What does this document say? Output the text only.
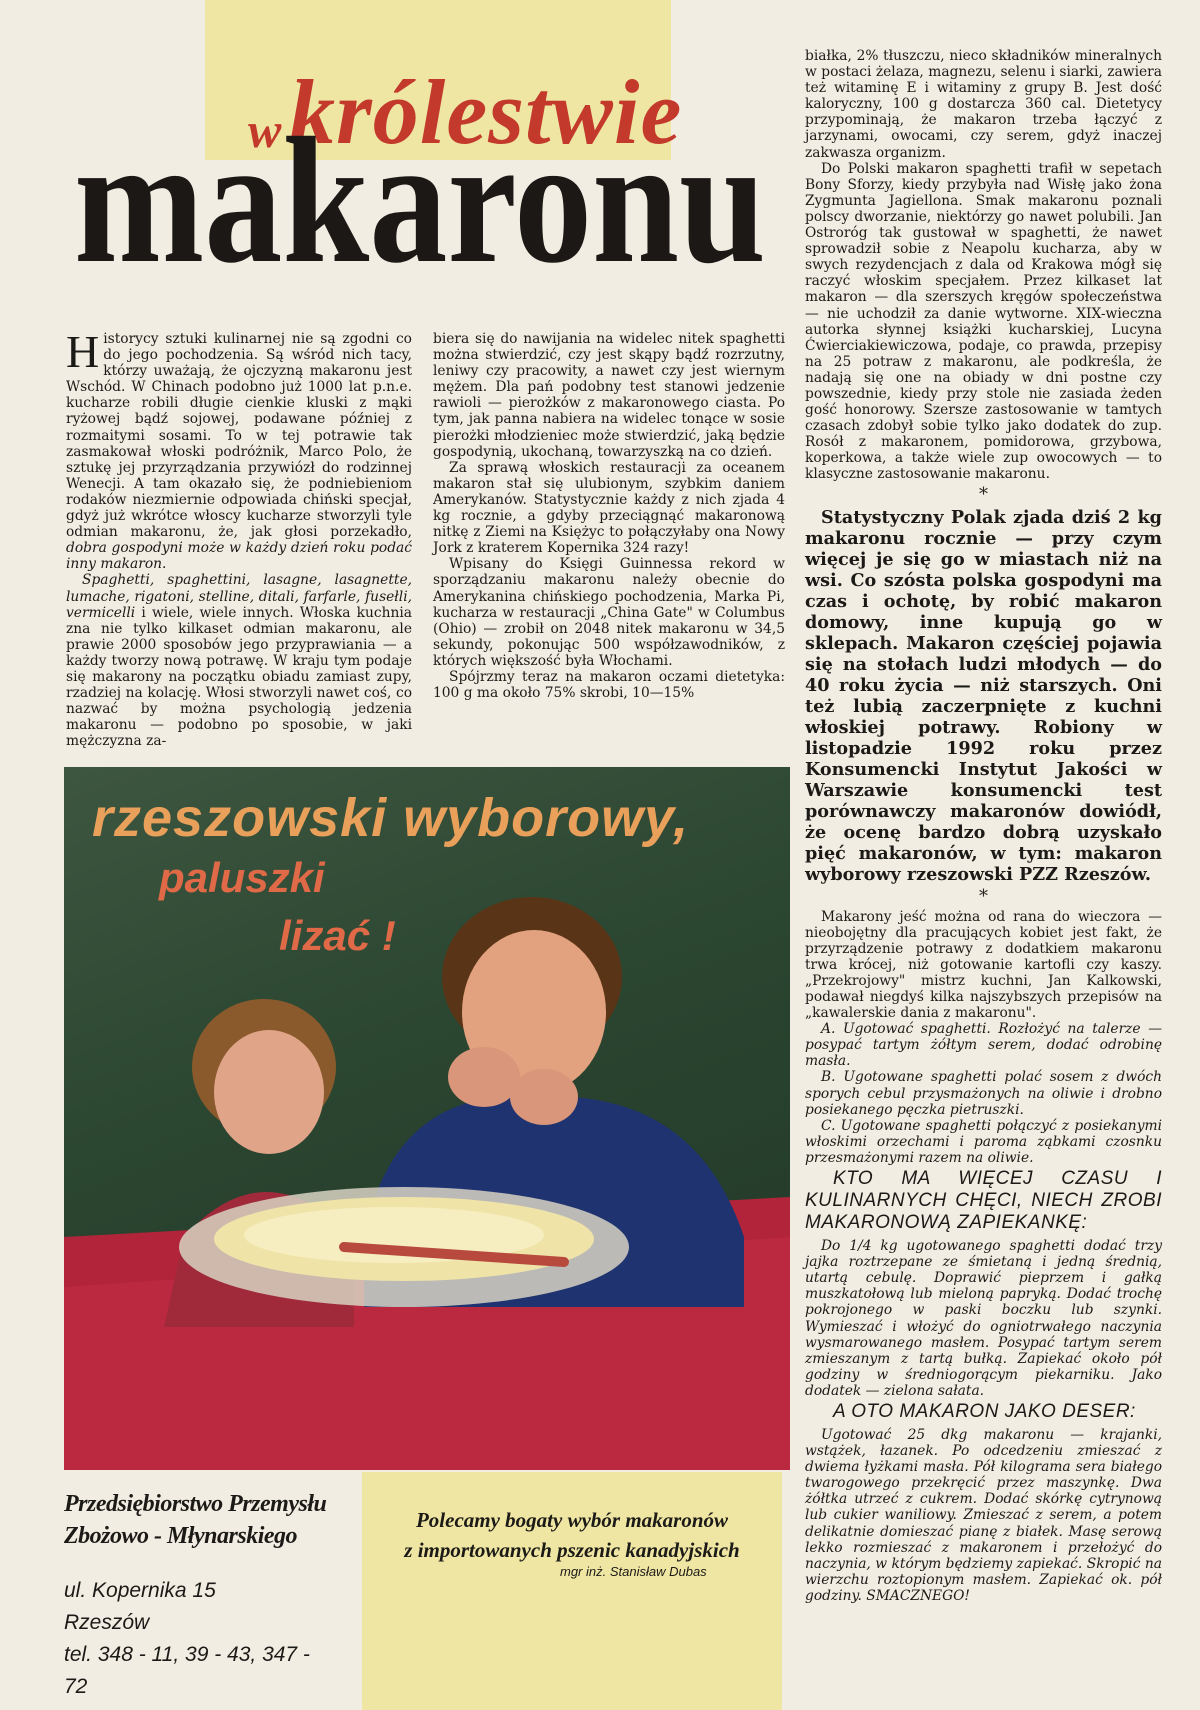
w królestwie
makaronu

Historycy sztuki kulinarnej nie są zgodni co do jego pochodzenia. Są wśród nich tacy, którzy uważają, że ojczyzną makaronu jest Wschód. W Chinach podobno już 1000 lat p.n.e. kucharze robili długie cienkie kluski z mąki ryżowej bądź sojowej, podawane później z rozmaitymi sosami. To w tej potrawie tak zasmakował włoski podróżnik, Marco Polo, że sztukę jej przyrządzania przywiózł do rodzinnej Wenecji. A tam okazało się, że podniebieniom rodaków niezmiernie odpowiada chiński specjał, gdyż już wkrótce włoscy kucharze stworzyli tyle odmian makaronu, że, jak głosi porzekadło, dobra gospodyni może w każdy dzień roku podać inny makaron.

Spaghetti, spaghettini, lasagne, lasagnette, lumache, rigatoni, stelline, ditali, farfarle, fusełli, vermicelli i wiele, wiele innych. Włoska kuchnia zna nie tylko kilkaset odmian makaronu, ale prawie 2000 sposobów jego przyprawiania — a każdy tworzy nową potrawę. W kraju tym podaje się makarony na początku obiadu zamiast zupy, rzadziej na kolację. Włosi stworzyli nawet coś, co nazwać by można psychologią jedzenia makaronu — podobno po sposobie, w jaki mężczyzna za-

biera się do nawijania na widelec nitek spaghetti można stwierdzić, czy jest skąpy bądź rozrzutny, leniwy czy pracowity, a nawet czy jest wiernym mężem. Dla pań podobny test stanowi jedzenie rawioli — pierożków z makaronowego ciasta. Po tym, jak panna nabiera na widelec tonące w sosie pierożki młodzieniec może stwierdzić, jaką będzie gospodynią, ukochaną, towarzyszką na co dzień.

Za sprawą włoskich restauracji za oceanem makaron stał się ulubionym, szybkim daniem Amerykanów. Statystycznie każdy z nich zjada 4 kg rocznie, a gdyby przeciągnąć makaronową nitkę z Ziemi na Księżyc to połączyłaby ona Nowy Jork z kraterem Kopernika 324 razy!

Wpisany do Księgi Guinnessa rekord w sporządzaniu makaronu należy obecnie do Amerykanina chińskiego pochodzenia, Marka Pi, kucharza w restauracji „China Gate" w Columbus (Ohio) — zrobił on 2048 nitek makaronu w 34,5 sekundy, pokonując 500 współzawodników, z których większość była Włochami.

Spójrzmy teraz na makaron oczami dietetyka: 100 g ma około 75% skrobi, 10—15%

białka, 2% tłuszczu, nieco składników mineralnych w postaci żelaza, magnezu, selenu i siarki, zawiera też witaminę E i witaminy z grupy B. Jest dość kaloryczny, 100 g dostarcza 360 cal. Dietetycy przypominają, że makaron trzeba łączyć z jarzynami, owocami, czy serem, gdyż inaczej zakwasza organizm.

Do Polski makaron spaghetti trafił w sepetach Bony Sforzy, kiedy przybyła nad Wisłę jako żona Zygmunta Jagiellona. Smak makaronu poznali polscy dworzanie, niektórzy go nawet polubili. Jan Ostroróg tak gustował w spaghetti, że nawet sprowadził sobie z Neapolu kucharza, aby w swych rezydencjach z dala od Krakowa mógł się raczyć włoskim specjałem. Przez kilkaset lat makaron — dla szerszych kręgów społeczeństwa — nie uchodził za danie wytworne. XIX-wieczna autorka słynnej książki kucharskiej, Lucyna Ćwierciakiewiczowa, podaje, co prawda, przepisy na 25 potraw z makaronu, ale podkreśla, że nadają się one na obiady w dni postne czy powszednie, kiedy przy stole nie zasiada żeden gość honorowy. Szersze zastosowanie w tamtych czasach zdobył sobie tylko jako dodatek do zup. Rosół z makaronem, pomidorowa, grzybowa, koperkowa, a także wiele zup owocowych — to klasyczne zastosowanie makaronu.

*

Statystyczny Polak zjada dziś 2 kg makaronu rocznie — przy czym więcej je się go w miastach niż na wsi. Co szósta polska gospodyni ma czas i ochotę, by robić makaron domowy, inne kupują go w sklepach. Makaron częściej pojawia się na stołach ludzi młodych — do 40 roku życia — niż starszych. Oni też lubią zaczerpnięte z kuchni włoskiej potrawy. Robiony w listopadzie 1992 roku przez Konsumencki Instytut Jakości w Warszawie konsumencki test porównawczy makaronów dowiódł, że ocenę bardzo dobrą uzyskało pięć makaronów, w tym: makaron wyborowy rzeszowski PZZ Rzeszów.

*

Makarony jeść można od rana do wieczora — nieobojętny dla pracujących kobiet jest fakt, że przyrządzenie potrawy z dodatkiem makaronu trwa krócej, niż gotowanie kartofli czy kaszy. „Przekrojowy" mistrz kuchni, Jan Kalkowski, podawał niegdyś kilka najszybszych przepisów na „kawalerskie dania z makaronu".

A. Ugotować spaghetti. Rozłożyć na talerze — posypać tartym żółtym serem, dodać odrobinę masła.

B. Ugotowane spaghetti polać sosem z dwóch sporych cebul przysmażonych na oliwie i drobno posiekanego pęczka pietruszki.

C. Ugotowane spaghetti połączyć z posiekanymi włoskimi orzechami i paroma ząbkami czosnku przesmażonymi razem na oliwie.

KTO MA WIĘCEJ CZASU I KULINARNYCH CHĘCI, NIECH ZROBI MAKARONOWĄ ZAPIEKANKĘ:

Do 1/4 kg ugotowanego spaghetti dodać trzy jajka roztrzepane ze śmietaną i jedną średnią, utartą cebulę. Doprawić pieprzem i gałką muszkatołową lub mieloną papryką. Dodać trochę pokrojonego w paski boczku lub szynki. Wymieszać i włożyć do ogniotrwałego naczynia wysmarowanego masłem. Posypać tartym serem zmieszanym z tartą bułką. Zapiekać około pół godziny w średniogorącym piekarniku. Jako dodatek — zielona sałata.

A OTO MAKARON JAKO DESER:

Ugotować 25 dkg makaronu — krajanki, wstążek, łazanek. Po odcedzeniu zmieszać z dwiema łyżkami masła. Pół kilograma sera białego twarogowego przekręcić przez maszynkę. Dwa żółtka utrzeć z cukrem. Dodać skórkę cytrynową lub cukier waniliowy. Zmieszać z serem, a potem delikatnie domieszać pianę z białek. Masę serową lekko rozmieszać z makaronem i przełożyć do naczynia, w którym będziemy zapiekać. Skropić na wierzchu roztopionym masłem. Zapiekać ok. pół godziny. SMACZNEGO!

rzeszowski wyborowy,
paluszki
lizać !
Przedsiębiorstwo Przemysłu
Zbożowo - Młynarskiego
ul. Kopernika 15
Rzeszów
tel. 348 - 11, 39 - 43, 347 - 72
Polecamy bogaty wybór makaronów
z importowanych pszenic kanadyjskich
mgr inż. Stanisław Dubas
